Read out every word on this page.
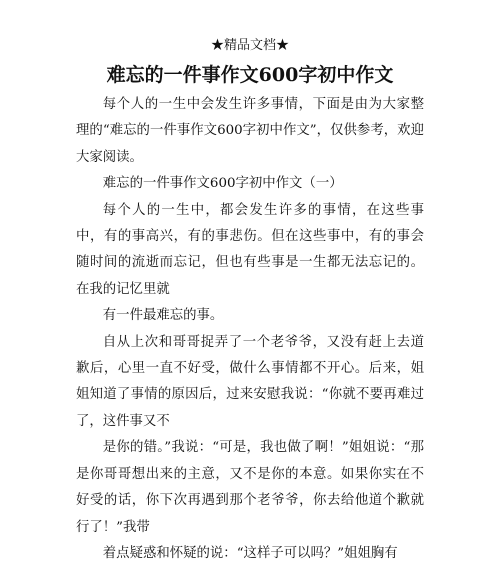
★精品文档★
难忘的一件事作文600字初中作文

每个人的一生中会发生许多事情，下面是由为大家整理的“难忘的一件事作文600字初中作文”，仅供参考，欢迎大家阅读。

难忘的一件事作文600字初中作文（一）

每个人的一生中，都会发生许多的事情，在这些事中，有的事高兴，有的事悲伤。但在这些事中，有的事会随时间的流逝而忘记，但也有些事是一生都无法忘记的。在我的记忆里就

有一件最难忘的事。

自从上次和哥哥捉弄了一个老爷爷，又没有赶上去道歉后，心里一直不好受，做什么事情都不开心。后来，姐姐知道了事情的原因后，过来安慰我说：“你就不要再难过了，这件事又不

是你的错。”我说：“可是，我也做了啊！”姐姐说：“那是你哥哥想出来的主意，又不是你的本意。如果你实在不好受的话，你下次再遇到那个老爷爷，你去给他道个歉就行了！”我带

着点疑惑和怀疑的说：“这样子可以吗？”姐姐胸有
